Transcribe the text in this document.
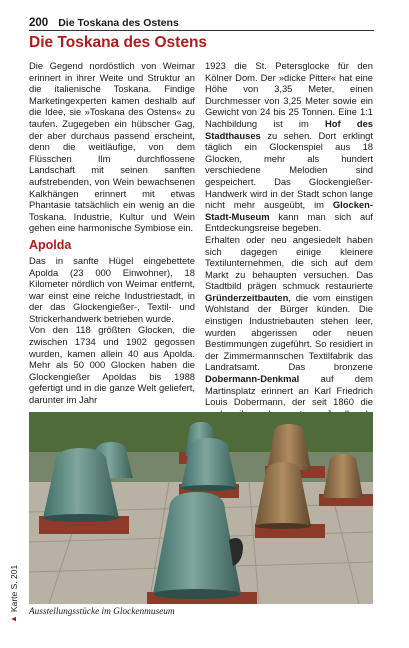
200 Die Toskana des Ostens
Die Toskana des Ostens

Die Gegend nordöstlich von Weimar erinnert in ihrer Weite und Struktur an die italienische Toskana. Findige Marketingexperten kamen deshalb auf die Idee, sie »Toskana des Ostens« zu taufen. Zugegeben ein hübscher Gag, der aber durchaus passend erscheint, denn die weitläufige, von dem Flüsschen Ilm durchflossene Landschaft mit seinen sanften aufstrebenden, von Wein bewachsenen Kalkhängen erinnert mit etwas Phantasie tatsächlich ein wenig an die Toskana. Industrie, Kultur und Wein gehen eine harmonische Symbiose ein.

Apolda

Das in sanfte Hügel eingebettete Apolda (23 000 Einwohner), 18 Kilometer nördlich von Weimar entfernt, war einst eine reiche Industriestadt, in der das Glockengießer-, Textil- und Strickerhandwerk betrieben wurde.

Von den 118 größten Glocken, die zwischen 1734 und 1902 gegossen wurden, kamen allein 40 aus Apolda. Mehr als 50 000 Glocken haben die Glockengießer Apoldas bis 1988 gefertigt und in die ganze Welt geliefert, darunter im Jahr

1923 die St. Petersglocke für den Kölner Dom. Der »dicke Pitter« hat eine Höhe von 3,35 Meter, einen Durchmesser von 3,25 Meter sowie ein Gewicht von 24 bis 25 Tonnen. Eine 1:1 Nachbildung ist im Hof des Stadthauses zu sehen. Dort erklingt täglich ein Glockenspiel aus 18 Glocken, mehr als hundert verschiedene Melodien sind gespeichert. Das Glockengießer-Handwerk wird in der Stadt schon lange nicht mehr ausgeübt, im Glocken-Stadt-Museum kann man sich auf Entdeckungsreise begeben.

Erhalten oder neu angesiedelt haben sich dagegen einige kleinere Textilunternehmen, die sich auf dem Markt zu behaupten versuchen. Das Stadtbild prägen schmuck restaurierte Gründerzeitbauten, die vom einstigen Wohlstand der Bürger künden. Die einstigen Industriebauten stehen leer, wurden abgerissen oder neuen Bestimmungen zugeführt. So residiert in der Zimmermannschen Textilfabrik das Landratsamt. Das bronzene Dobermann-Denkmal auf dem Martinsplatz erinnert an Karl Friedrich Louis Dobermann, der seit 1860 die

Ausstellungsstücke im Glockenmuseum
▲
Karte S. 201
